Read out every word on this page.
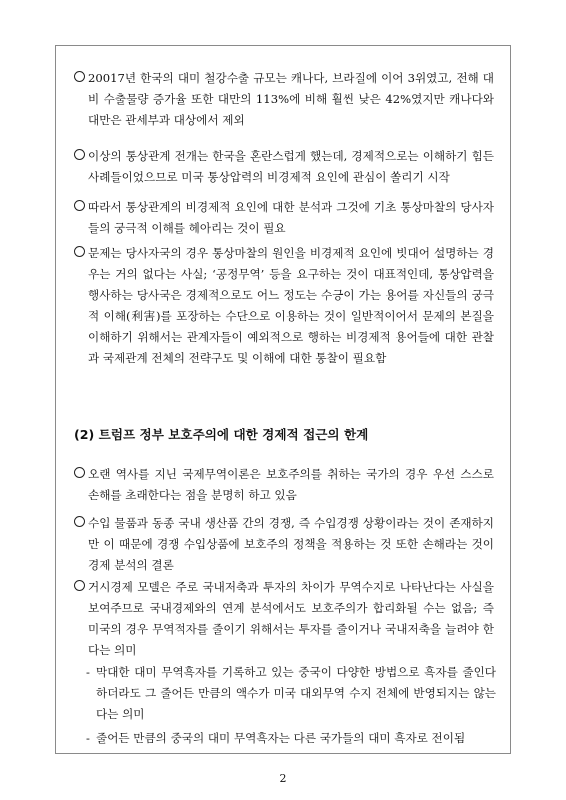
20017년 한국의 대미 철강수출 규모는 캐나다, 브라질에 이어 3위였고, 전해 대비 수출물량 증가율 또한 대만의 113%에 비해 훨씬 낮은 42%였지만 캐나다와 대만은 관세부과 대상에서 제외

이상의 통상관계 전개는 한국을 혼란스럽게 했는데, 경제적으로는 이해하기 힘든 사례들이었으므로 미국 통상압력의 비경제적 요인에 관심이 쏠리기 시작

따라서 통상관계의 비경제적 요인에 대한 분석과 그것에 기초 통상마찰의 당사자들의 궁극적 이해를 헤아리는 것이 필요

문제는 당사자국의 경우 통상마찰의 원인을 비경제적 요인에 빗대어 설명하는 경우는 거의 없다는 사실; ‘공정무역’ 등을 요구하는 것이 대표적인데, 통상압력을 행사하는 당사국은 경제적으로도 어느 정도는 수긍이 가는 용어를 자신들의 궁극적 이해(利害)를 포장하는 수단으로 이용하는 것이 일반적이어서 문제의 본질을 이해하기 위해서는 관계자들이 예외적으로 행하는 비경제적 용어들에 대한 관찰과 국제관계 전체의 전략구도 및 이해에 대한 통찰이 필요함

(2) 트럼프 정부 보호주의에 대한 경제적 접근의 한계

오랜 역사를 지닌 국제무역이론은 보호주의를 취하는 국가의 경우 우선 스스로 손해를 초래한다는 점을 분명히 하고 있음

수입 물품과 동종 국내 생산품 간의 경쟁, 즉 수입경쟁 상황이라는 것이 존재하지만 이 때문에 경쟁 수입상품에 보호주의 정책을 적용하는 것 또한 손해라는 것이 경제 분석의 결론

거시경제 모델은 주로 국내저축과 투자의 차이가 무역수지로 나타난다는 사실을 보여주므로 국내경제와의 연계 분석에서도 보호주의가 합리화될 수는 없음; 즉 미국의 경우 무역적자를 줄이기 위해서는 투자를 줄이거나 국내저축을 늘려야 한다는 의미

- 막대한 대미 무역흑자를 기록하고 있는 중국이 다양한 방법으로 흑자를 줄인다 하더라도 그 줄어든 만큼의 액수가 미국 대외무역 수지 전체에 반영되지는 않는다는 의미

- 줄어든 만큼의 중국의 대미 무역흑자는 다른 국가들의 대미 흑자로 전이됨

2
